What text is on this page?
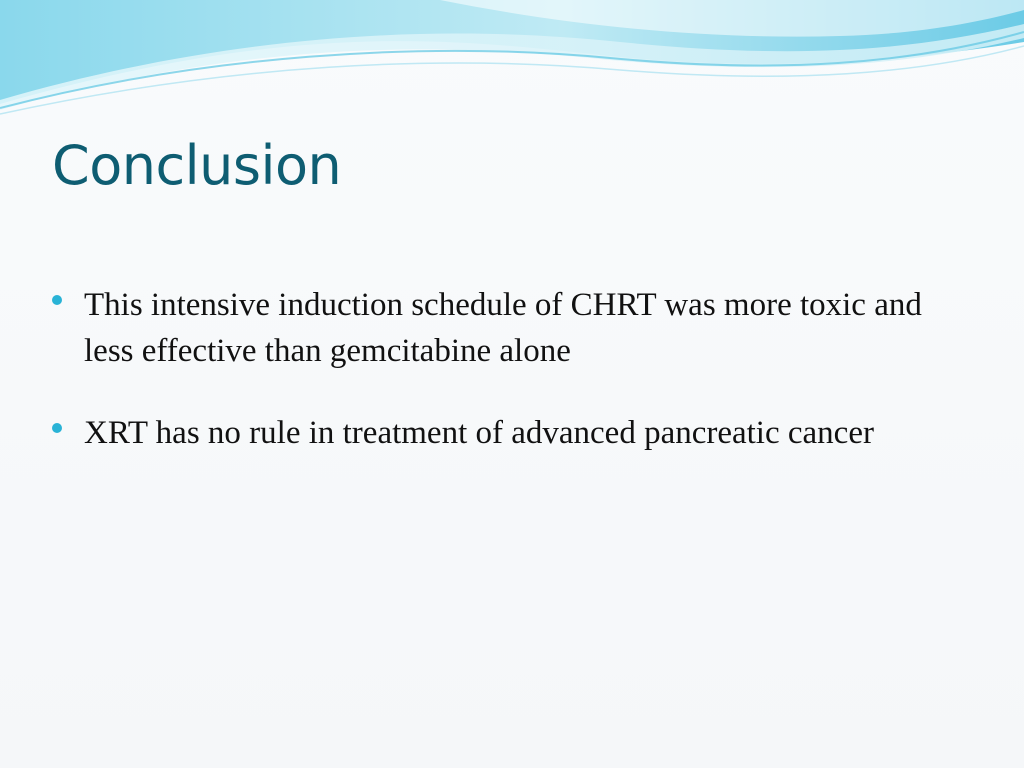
Conclusion
This intensive induction schedule of CHRT was more toxic and less effective than gemcitabine alone
XRT has no rule in treatment of advanced pancreatic cancer
